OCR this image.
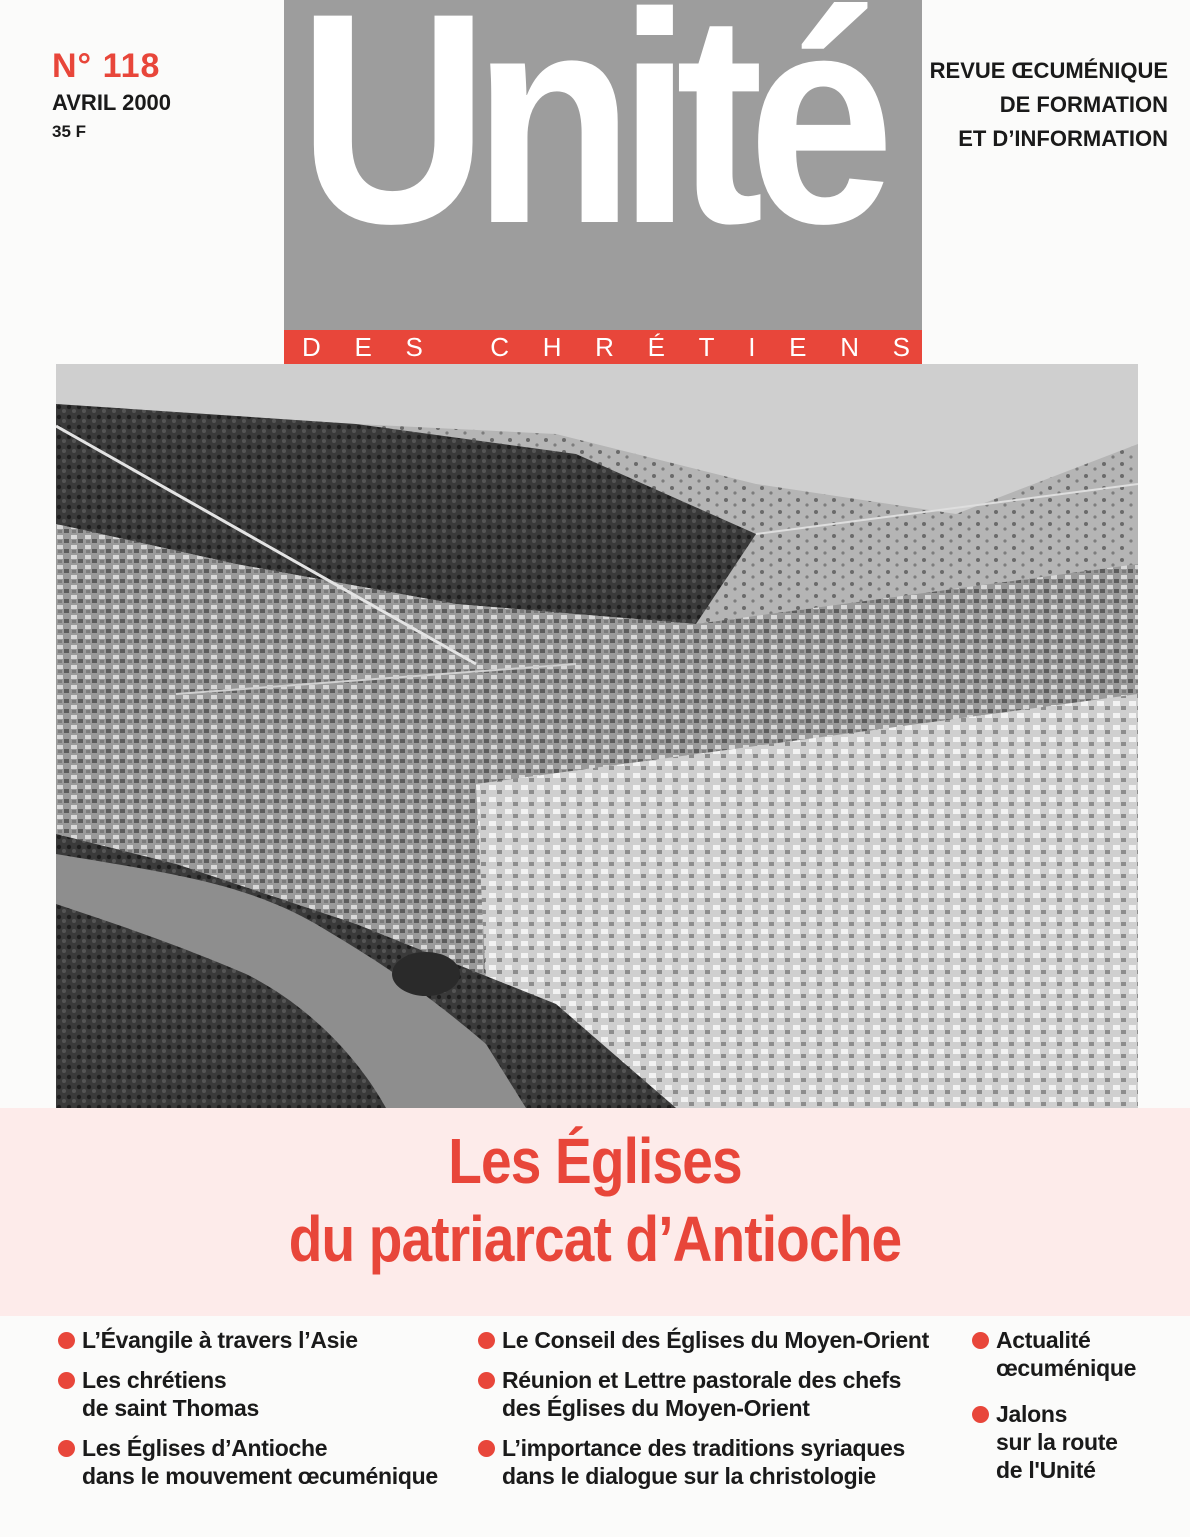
N° 118
AVRIL 2000
35 F Unité
D E S	C H R É T I E N S
REVUE ŒCUMÉNIQUE
DE FORMATION
ET D’INFORMATION
Les Églises
du patriarcat d’Antioche
L’Évangile à travers l’Asie
Les chrétiens
de saint Thomas
Les Églises d’Antioche
dans le mouvement œcuménique
Le Conseil des Églises du Moyen-Orient
Réunion et Lettre pastorale des chefs
des Églises du Moyen-Orient
L’importance des traditions syriaques
dans le dialogue sur la christologie
Actualité
œcuménique
Jalons
sur la route
de l'Unité
